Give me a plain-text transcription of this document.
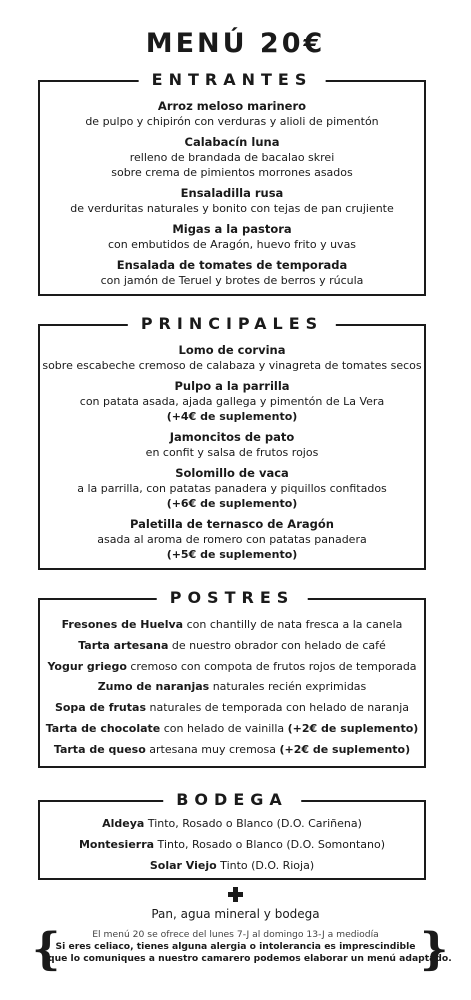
MENÚ 20€
ENTRANTES
Arroz meloso marinero
de pulpo y chipirón con verduras y alioli de pimentón
Calabacín luna
relleno de brandada de bacalao skrei
sobre crema de pimientos morrones asados
Ensaladilla rusa
de verduritas naturales y bonito con tejas de pan crujiente
Migas a la pastora
con embutidos de Aragón, huevo frito y uvas
Ensalada de tomates de temporada
con jamón de Teruel y brotes de berros y rúcula
PRINCIPALES
Lomo de corvina
sobre escabeche cremoso de calabaza y vinagreta de tomates secos
Pulpo a la parrilla
con patata asada, ajada gallega y pimentón de La Vera
(+4€ de suplemento)
Jamoncitos de pato
en confit y salsa de frutos rojos
Solomillo de vaca
a la parrilla, con patatas panadera y piquillos confitados
(+6€ de suplemento)
Paletilla de ternasco de Aragón
asada al aroma de romero con patatas panadera
(+5€ de suplemento)
POSTRES
Fresones de Huelva con chantilly de nata fresca a la canela
Tarta artesana de nuestro obrador con helado de café
Yogur griego cremoso con compota de frutos rojos de temporada
Zumo de naranjas naturales recién exprimidas
Sopa de frutas naturales de temporada con helado de naranja
Tarta de chocolate con helado de vainilla (+2€ de suplemento)
Tarta de queso artesana muy cremosa (+2€ de suplemento)
BODEGA
Aldeya Tinto, Rosado o Blanco (D.O. Cariñena)
Montesierra Tinto, Rosado o Blanco (D.O. Somontano)
Solar Viejo Tinto (D.O. Rioja)

Pan, agua mineral y bodega

{	}
El menú 20 se ofrece del lunes 7-J al domingo 13-J a mediodía
Si eres celiaco, tienes alguna alergia o intolerancia es imprescindible
que lo comuniques a nuestro camarero podemos elaborar un menú adaptado.
